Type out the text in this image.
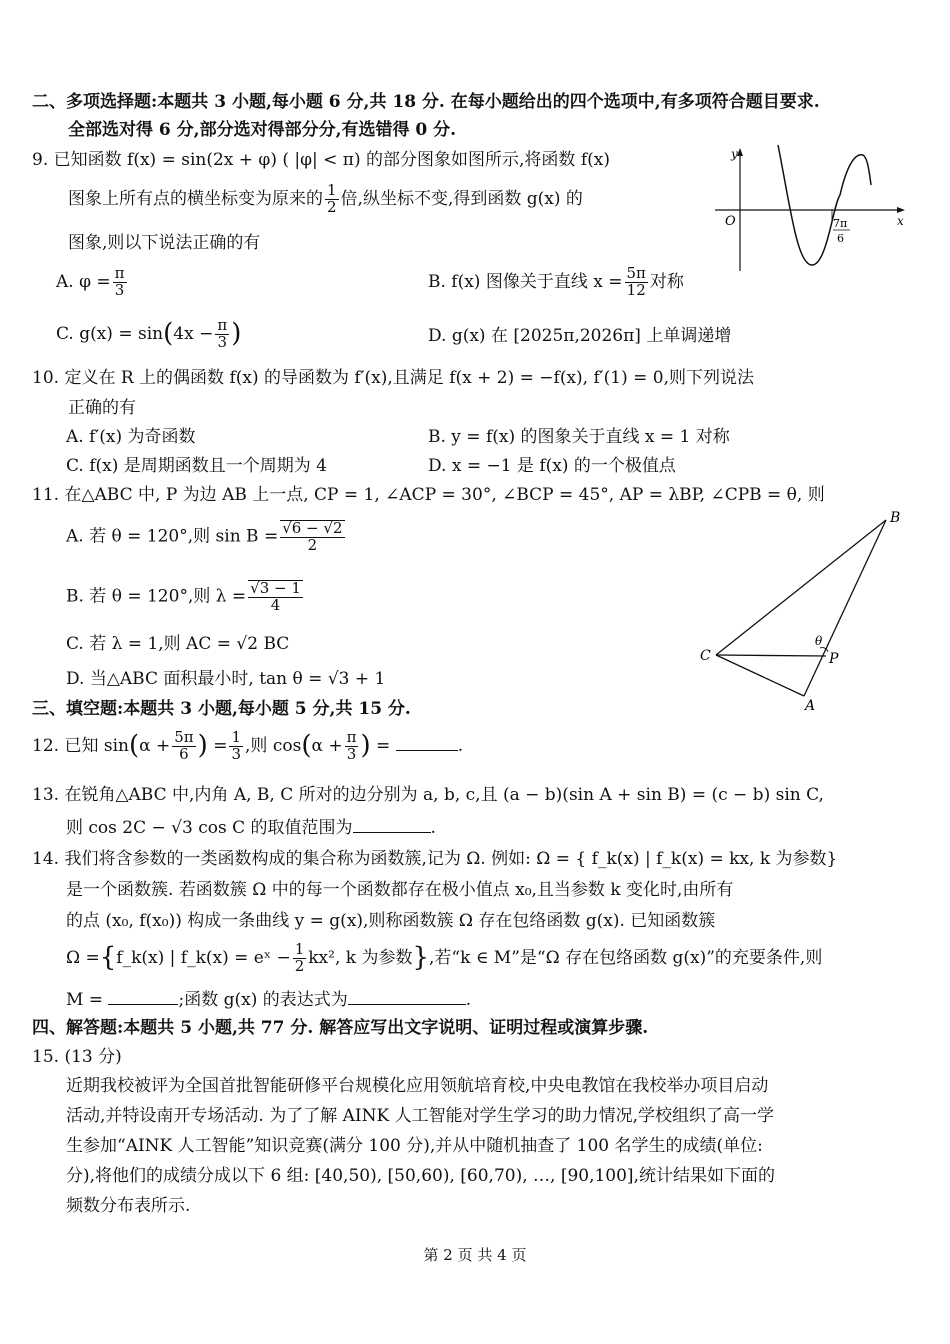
二、多项选择题:本题共 3 小题,每小题 6 分,共 18 分. 在每小题给出的四个选项中,有多项符合题目要求.
全部选对得 6 分,部分选对得部分分,有选错得 0 分.
9. 已知函数 f(x) = sin(2x + φ) ( |φ| < π) 的部分图象如图所示,将函数 f(x)
图象上所有点的横坐标变为原来的 $\frac{1}{2}$ 倍,纵坐标不变,得到函数 g(x) 的
图象,则以下说法正确的有
A. $\varphi = \frac{\pi}{3}$	B. f(x) 图像关于直线 $x = \frac{5\pi}{12}$ 对称
C. $g(x) = \sin(4x - \frac{\pi}{3}$ )	D. g(x) 在 [2025π,2026π] 上单调递增
y
x
O	7π
6
10. 定义在 R 上的偶函数 f(x) 的导函数为 f′(x),且满足 f(x + 2) = −f(x), f′(1) = 0,则下列说法
正确的有
A. f′(x) 为奇函数	B. y = f(x) 的图象关于直线 x = 1 对称
C. f(x) 是周期函数且一个周期为 4	D. x = −1 是 f(x) 的一个极值点
11. 在△ABC 中, P 为边 AB 上一点, CP = 1, ∠ACP = 30°, ∠BCP = 45°, AP = λBP, ∠CPB = θ, 则
A. 若 θ = 120°,则 $\sin B = \frac{√6 - √2}{2}$
B. 若 θ = 120°,则 $\lambda = \frac{√3 - 1}{4}$
C. 若 λ = 1,则 AC = √2 BC
D. 当△ABC 面积最小时, tan θ = √3 + 1
B
C	P
A
θ
三、填空题:本题共 3 小题,每小题 5 分,共 15 分.
12. 已知 $\sin(\alpha + \frac{5\pi}{6}$ ) = $\frac{1}{3}$ ,则 $\cos(\alpha + \frac{\pi}{3}$ ) =	.
13. 在锐角△ABC 中,内角 A, B, C 所对的边分别为 a, b, c,且 (a − b)(sin A + sin B) = (c − b) sin C,
则 cos 2C − √3 cos C 的取值范围为	.
14. 我们将含参数的一类函数构成的集合称为函数簇,记为 Ω. 例如: Ω = { f_k(x) | f_k(x) = kx, k 为参数}
是一个函数簇. 若函数簇 Ω 中的每一个函数都存在极小值点 x₀,且当参数 k 变化时,由所有
的点 (x₀, f(x₀)) 构成一条曲线 y = g(x),则称函数簇 Ω 存在包络函数 g(x). 已知函数簇
Ω ={f_k(x) | f_k(x) = eˣ − $\frac{1}{2} kx^2$, k 为参数},若“k ∈ M”是“Ω 存在包络函数 g(x)”的充要条件,则
M =	;函数 g(x) 的表达式为	.
四、解答题:本题共 5 小题,共 77 分. 解答应写出文字说明、证明过程或演算步骤.
15. (13 分)
近期我校被评为全国首批智能研修平台规模化应用领航培育校,中央电教馆在我校举办项目启动
活动,并特设南开专场活动. 为了了解 AINK 人工智能对学生学习的助力情况,学校组织了高一学
生参加“AINK 人工智能”知识竞赛(满分 100 分),并从中随机抽查了 100 名学生的成绩(单位:
分),将他们的成绩分成以下 6 组: [40,50), [50,60), [60,70), …, [90,100],统计结果如下面的
频数分布表所示.
第 2 页 共 4 页
